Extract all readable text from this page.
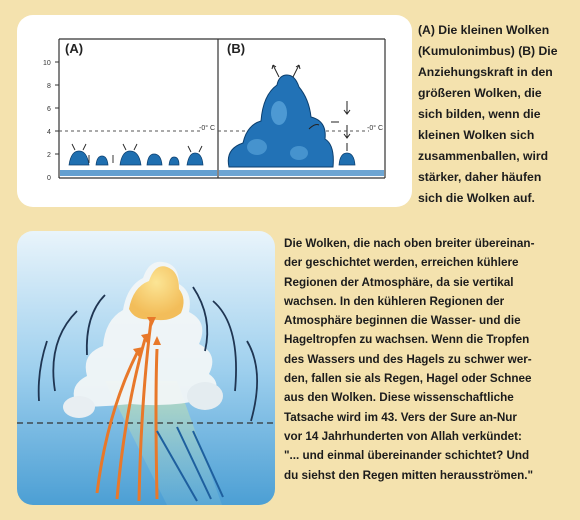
(A)
10
8
6
4
2
0
-0° C
(B)
-0° C
(A) Die kleinen Wolken
(Kumulonimbus) (B) Die
Anziehungskraft in den
größeren Wolken, die
sich bilden, wenn die
kleinen Wolken sich
zusammenballen, wird
stärker, daher häufen
sich die Wolken auf.
Die Wolken, die nach oben breiter übereinan-
der geschichtet werden, erreichen kühlere
Regionen der Atmosphäre, da sie vertikal
wachsen. In den kühleren Regionen der
Atmosphäre beginnen die Wasser- und die
Hageltropfen zu wachsen. Wenn die Tropfen
des Wassers und des Hagels zu schwer wer-
den, fallen sie als Regen, Hagel oder Schnee
aus den Wolken. Diese wissenschaftliche
Tatsache wird im 43. Vers der Sure an-Nur
vor 14 Jahrhunderten von Allah verkündet:
"... und einmal übereinander schichtet? Und
du siehst den Regen mitten herausströmen."
